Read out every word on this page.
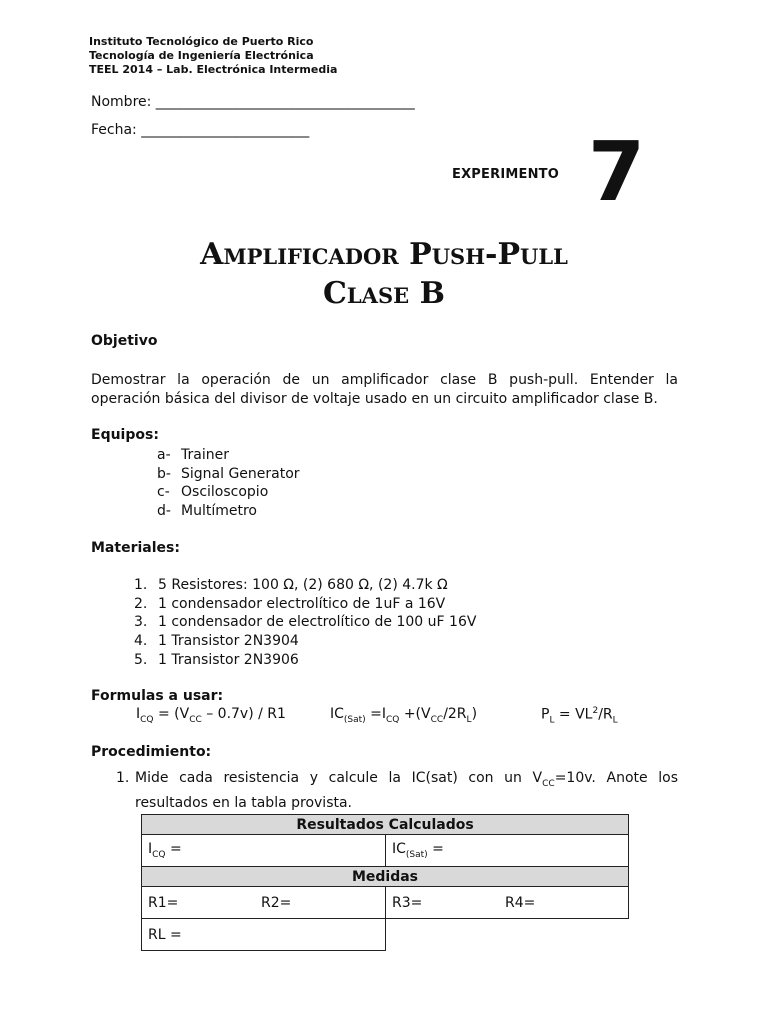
Instituto Tecnológico de Puerto Rico
Tecnología de Ingeniería Electrónica
TEEL 2014 – Lab. Electrónica Intermedia
Nombre: _____________________________________
Fecha: ________________________
EXPERIMENTO 7
Amplificador Push-Pull
Clase B
Objetivo
Demostrar la operación de un amplificador clase B push-pull. Entender la operación básica del divisor de voltaje usado en un circuito amplificador clase B.
Equipos:
a- Trainer
b- Signal Generator
c- Osciloscopio
d- Multímetro
Materiales:
1. 5 Resistores: 100 Ω, (2) 680 Ω, (2) 4.7k Ω
2. 1 condensador electrolítico de 1uF a 16V
3. 1 condensador de electrolítico de 100 uF 16V
4. 1 Transistor 2N3904
5. 1 Transistor 2N3906
Formulas a usar:
$I_{CQ} = (V_{CC} - 0.7v) / R1$	$IC_{(Sat)} =I_{CQ} +(V_{CC}/2R_L)$	$P_L = VL^2/R_L$
Procedimiento:
1. Mide cada resistencia y calcule la IC(sat) con un $V_{CC}=10v$. Anote los resultados en la tabla provista.
Resultados Calculados	
$I_{CQ}$ =	$IC_{(Sat)}$ =
Medidas	
R1= R2=	R3= R4=
RL =	
